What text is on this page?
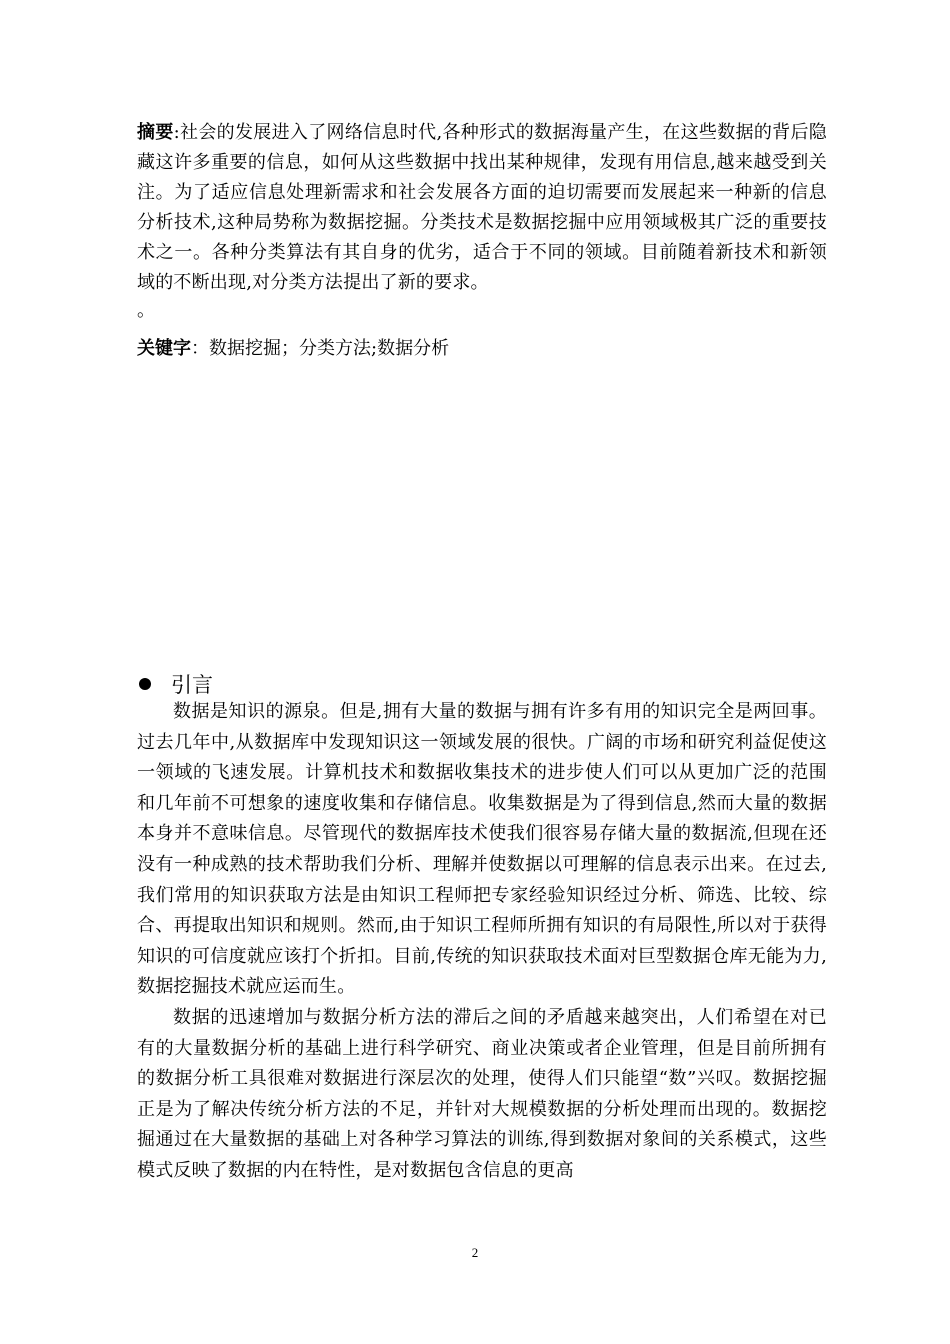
摘要:社会的发展进入了网络信息时代,各种形式的数据海量产生，在这些数据的背后隐藏这许多重要的信息，如何从这些数据中找出某种规律，发现有用信息,越来越受到关注。为了适应信息处理新需求和社会发展各方面的迫切需要而发展起来一种新的信息分析技术,这种局势称为数据挖掘。分类技术是数据挖掘中应用领域极其广泛的重要技术之一。各种分类算法有其自身的优劣，适合于不同的领域。目前随着新技术和新领域的不断出现,对分类方法提出了新的要求。
。
关键字：数据挖掘；分类方法;数据分析
引言

数据是知识的源泉。但是,拥有大量的数据与拥有许多有用的知识完全是两回事。过去几年中,从数据库中发现知识这一领域发展的很快。广阔的市场和研究利益促使这一领域的飞速发展。计算机技术和数据收集技术的进步使人们可以从更加广泛的范围和几年前不可想象的速度收集和存储信息。收集数据是为了得到信息,然而大量的数据本身并不意味信息。尽管现代的数据库技术使我们很容易存储大量的数据流,但现在还没有一种成熟的技术帮助我们分析、理解并使数据以可理解的信息表示出来。在过去,我们常用的知识获取方法是由知识工程师把专家经验知识经过分析、筛选、比较、综合、再提取出知识和规则。然而,由于知识工程师所拥有知识的有局限性,所以对于获得知识的可信度就应该打个折扣。目前,传统的知识获取技术面对巨型数据仓库无能为力,数据挖掘技术就应运而生。

数据的迅速增加与数据分析方法的滞后之间的矛盾越来越突出，人们希望在对已有的大量数据分析的基础上进行科学研究、商业决策或者企业管理，但是目前所拥有的数据分析工具很难对数据进行深层次的处理，使得人们只能望“数”兴叹。数据挖掘正是为了解决传统分析方法的不足，并针对大规模数据的分析处理而出现的。数据挖掘通过在大量数据的基础上对各种学习算法的训练,得到数据对象间的关系模式，这些模式反映了数据的内在特性，是对数据包含信息的更高

2
